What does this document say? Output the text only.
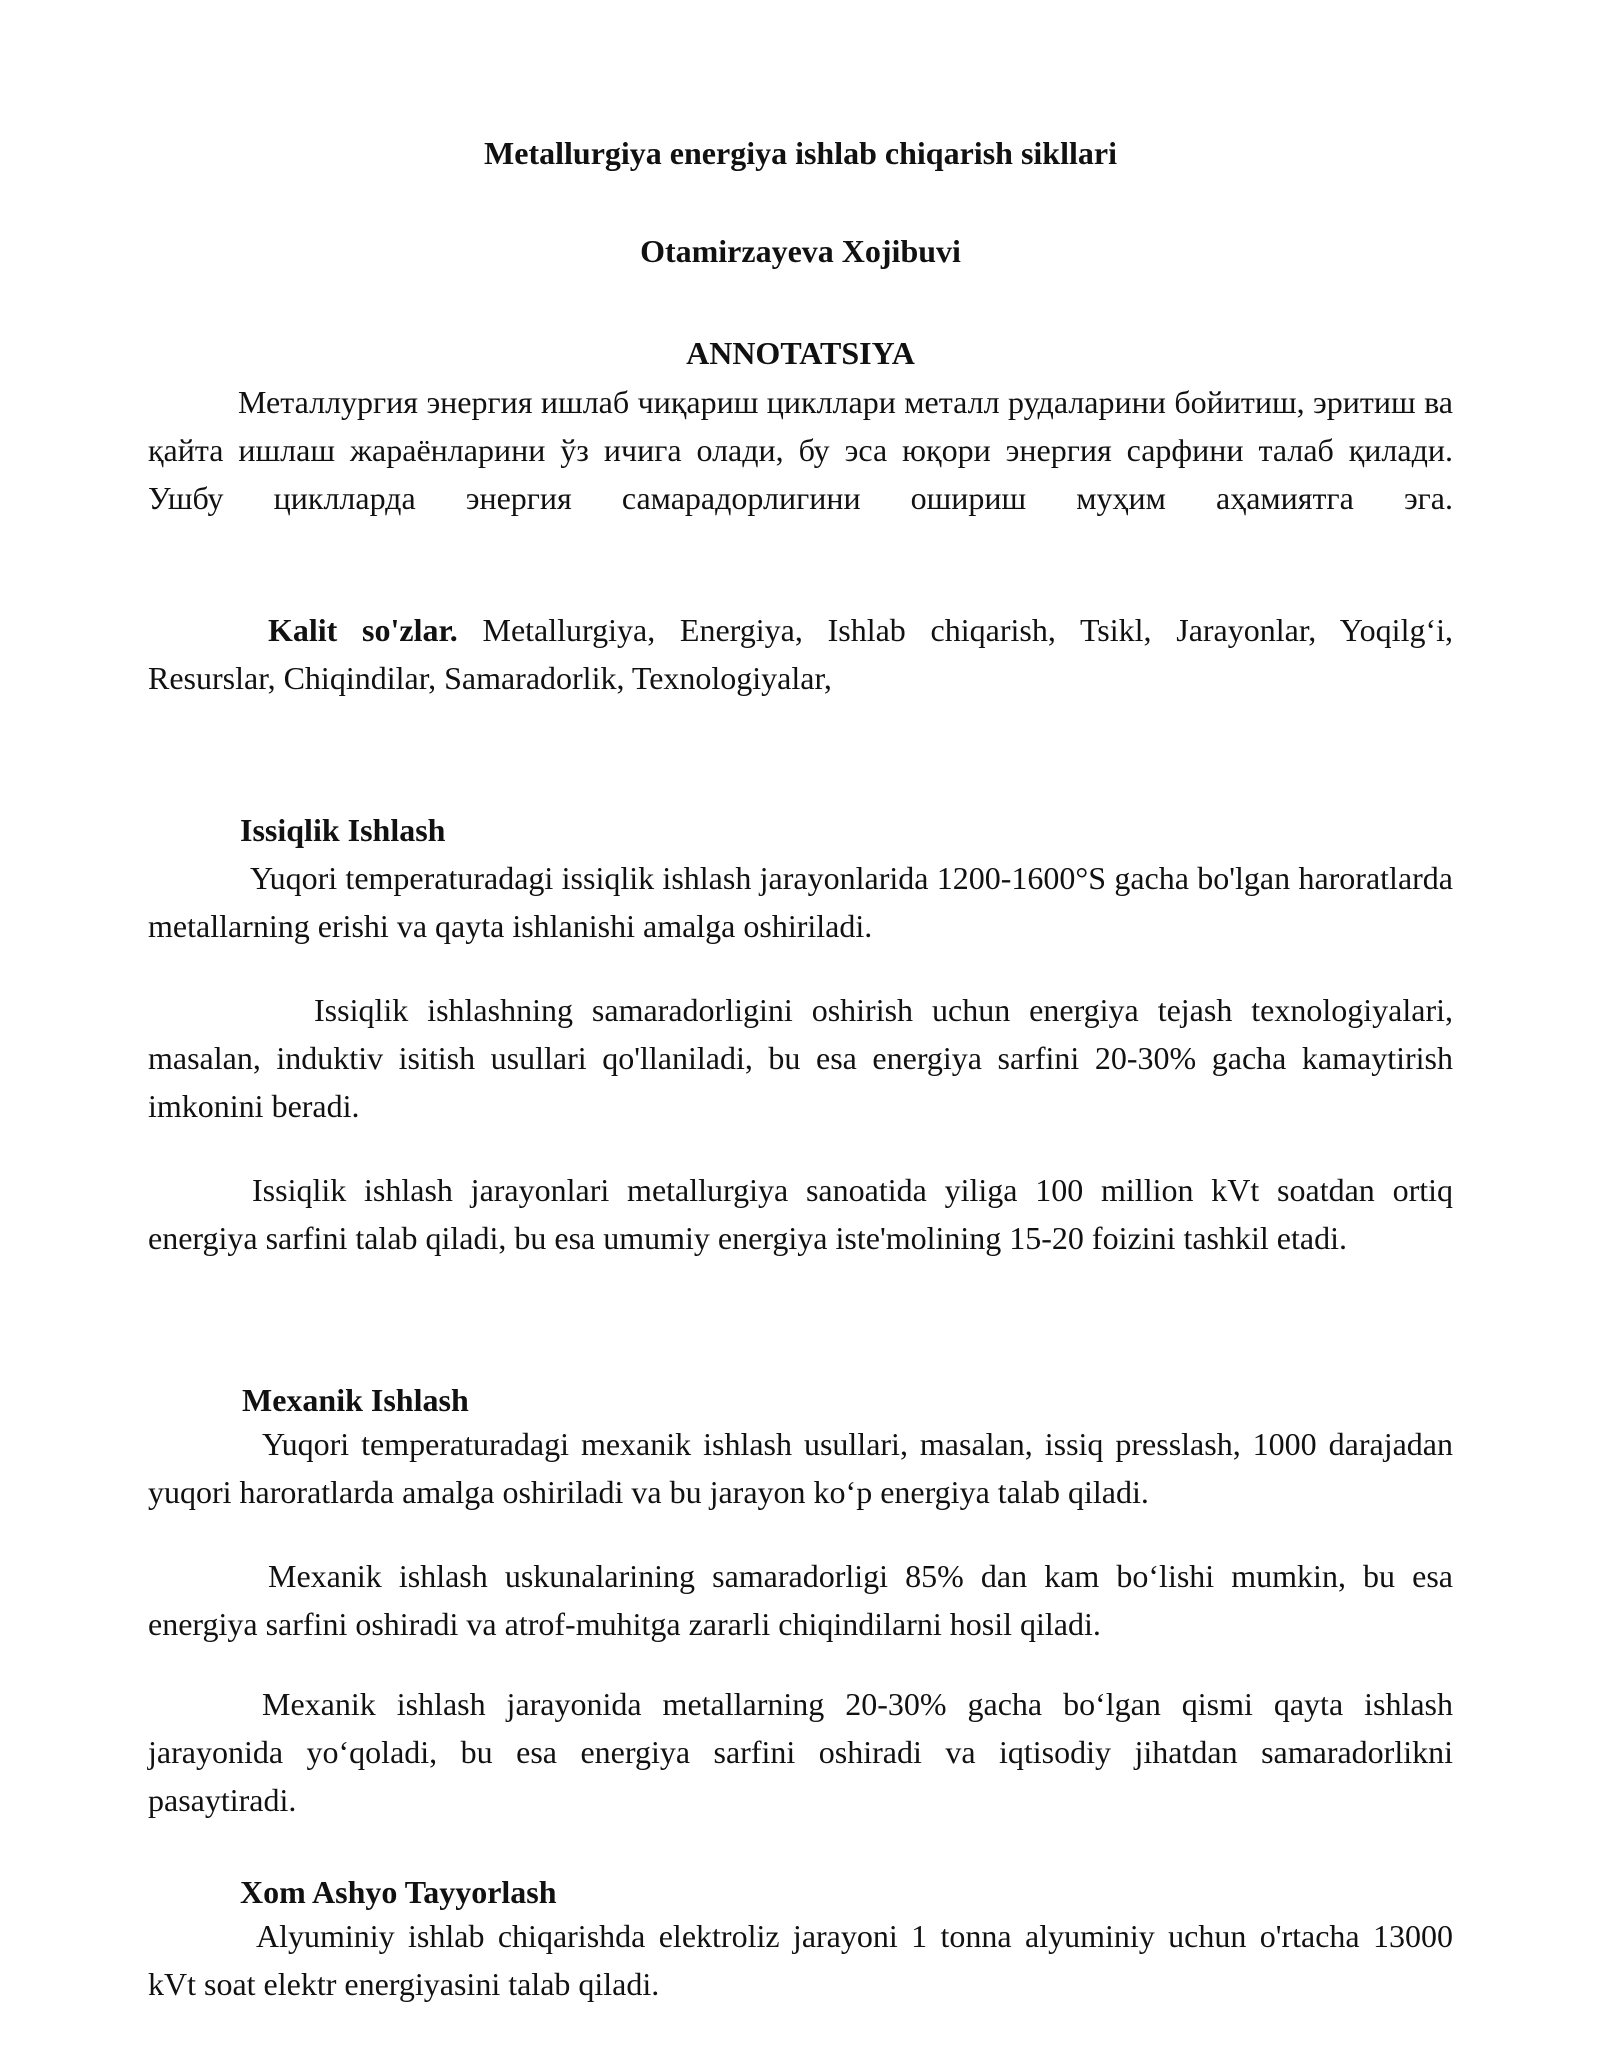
Metallurgiya energiya ishlab chiqarish sikllari
Otamirzayeva Xojibuvi
ANNOTATSIYA

Металлургия энергия ишлаб чиқариш цикллари металл рудаларини бойитиш, эритиш ва қайта ишлаш жараёнларини ўз ичига олади, бу эса юқори энергия сарфини талаб қилади. Ушбу циклларда энергия самарадорлигини ошириш муҳим аҳамиятга эга.

Kalit so'zlar. Metallurgiya, Energiya, Ishlab chiqarish, Tsikl, Jarayonlar, Yoqilg‘i, Resurslar, Chiqindilar, Samaradorlik, Texnologiyalar,

Issiqlik Ishlash

Yuqori temperaturadagi issiqlik ishlash jarayonlarida 1200-1600°S gacha bo'lgan haroratlarda metallarning erishi va qayta ishlanishi amalga oshiriladi.

Issiqlik ishlashning samaradorligini oshirish uchun energiya tejash texnologiyalari, masalan, induktiv isitish usullari qo'llaniladi, bu esa energiya sarfini 20-30% gacha kamaytirish imkonini beradi.

Issiqlik ishlash jarayonlari metallurgiya sanoatida yiliga 100 million kVt soatdan ortiq energiya sarfini talab qiladi, bu esa umumiy energiya iste'molining 15-20 foizini tashkil etadi.

Mexanik Ishlash

Yuqori temperaturadagi mexanik ishlash usullari, masalan, issiq presslash, 1000 darajadan yuqori haroratlarda amalga oshiriladi va bu jarayon ko‘p energiya talab qiladi.

Mexanik ishlash uskunalarining samaradorligi 85% dan kam bo‘lishi mumkin, bu esa energiya sarfini oshiradi va atrof-muhitga zararli chiqindilarni hosil qiladi.

Mexanik ishlash jarayonida metallarning 20-30% gacha bo‘lgan qismi qayta ishlash jarayonida yo‘qoladi, bu esa energiya sarfini oshiradi va iqtisodiy jihatdan samaradorlikni pasaytiradi.

Xom Ashyo Tayyorlash

Alyuminiy ishlab chiqarishda elektroliz jarayoni 1 tonna alyuminiy uchun o'rtacha 13000 kVt soat elektr energiyasini talab qiladi.
